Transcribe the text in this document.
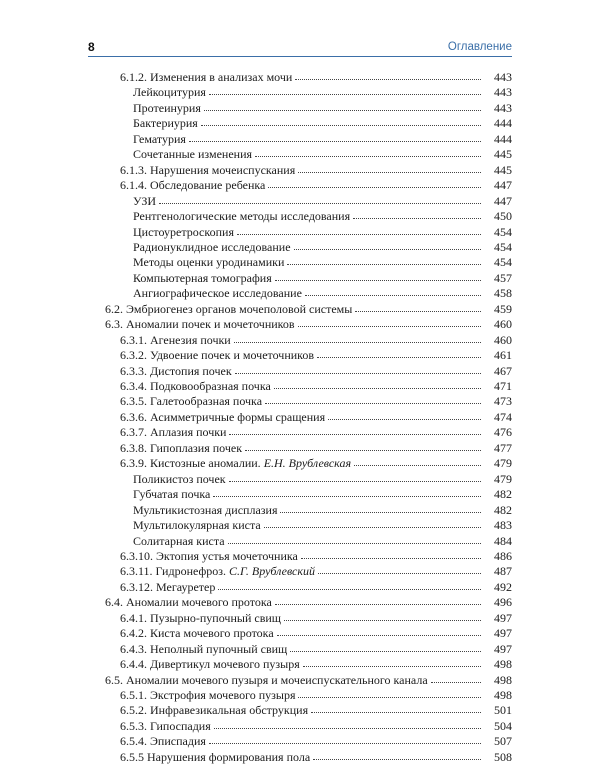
8	Оглавление
6.1.2. Изменения в анализах мочи	443
Лейкоцитурия	443
Протеинурия	443
Бактериурия	444
Гематурия	444
Сочетанные изменения	445
6.1.3. Нарушения мочеиспускания	445
6.1.4. Обследование ребенка	447
УЗИ	447
Рентгенологические методы исследования	450
Цистоуретроскопия	454
Радионуклидное исследование	454
Методы оценки уродинамики	454
Компьютерная томография	457
Ангиографическое исследование	458
6.2. Эмбриогенез органов мочеполовой системы	459
6.3. Аномалии почек и мочеточников	460
6.3.1. Агенезия почки	460
6.3.2. Удвоение почек и мочеточников	461
6.3.3. Дистопия почек	467
6.3.4. Подковообразная почка	471
6.3.5. Галетообразная почка	473
6.3.6. Асимметричные формы сращения	474
6.3.7. Аплазия почки	476
6.3.8. Гипоплазия почек	477
6.3.9. Кистозные аномалии. Е.Н. Врублевская	479
Поликистоз почек	479
Губчатая почка	482
Мультикистозная дисплазия	482
Мультилокулярная киста	483
Солитарная киста	484
6.3.10. Эктопия устья мочеточника	486
6.3.11. Гидронефроз. С.Г. Врублевский	487
6.3.12. Мегауретер	492
6.4. Аномалии мочевого протока	496
6.4.1. Пузырно-пупочный свищ	497
6.4.2. Киста мочевого протока	497
6.4.3. Неполный пупочный свищ	497
6.4.4. Дивертикул мочевого пузыря	498
6.5. Аномалии мочевого пузыря и мочеиспускательного канала	498
6.5.1. Экстрофия мочевого пузыря	498
6.5.2. Инфравезикальная обструкция	501
6.5.3. Гипоспадия	504
6.5.4. Эписпадия	507
6.5.5 Нарушения формирования пола	508
